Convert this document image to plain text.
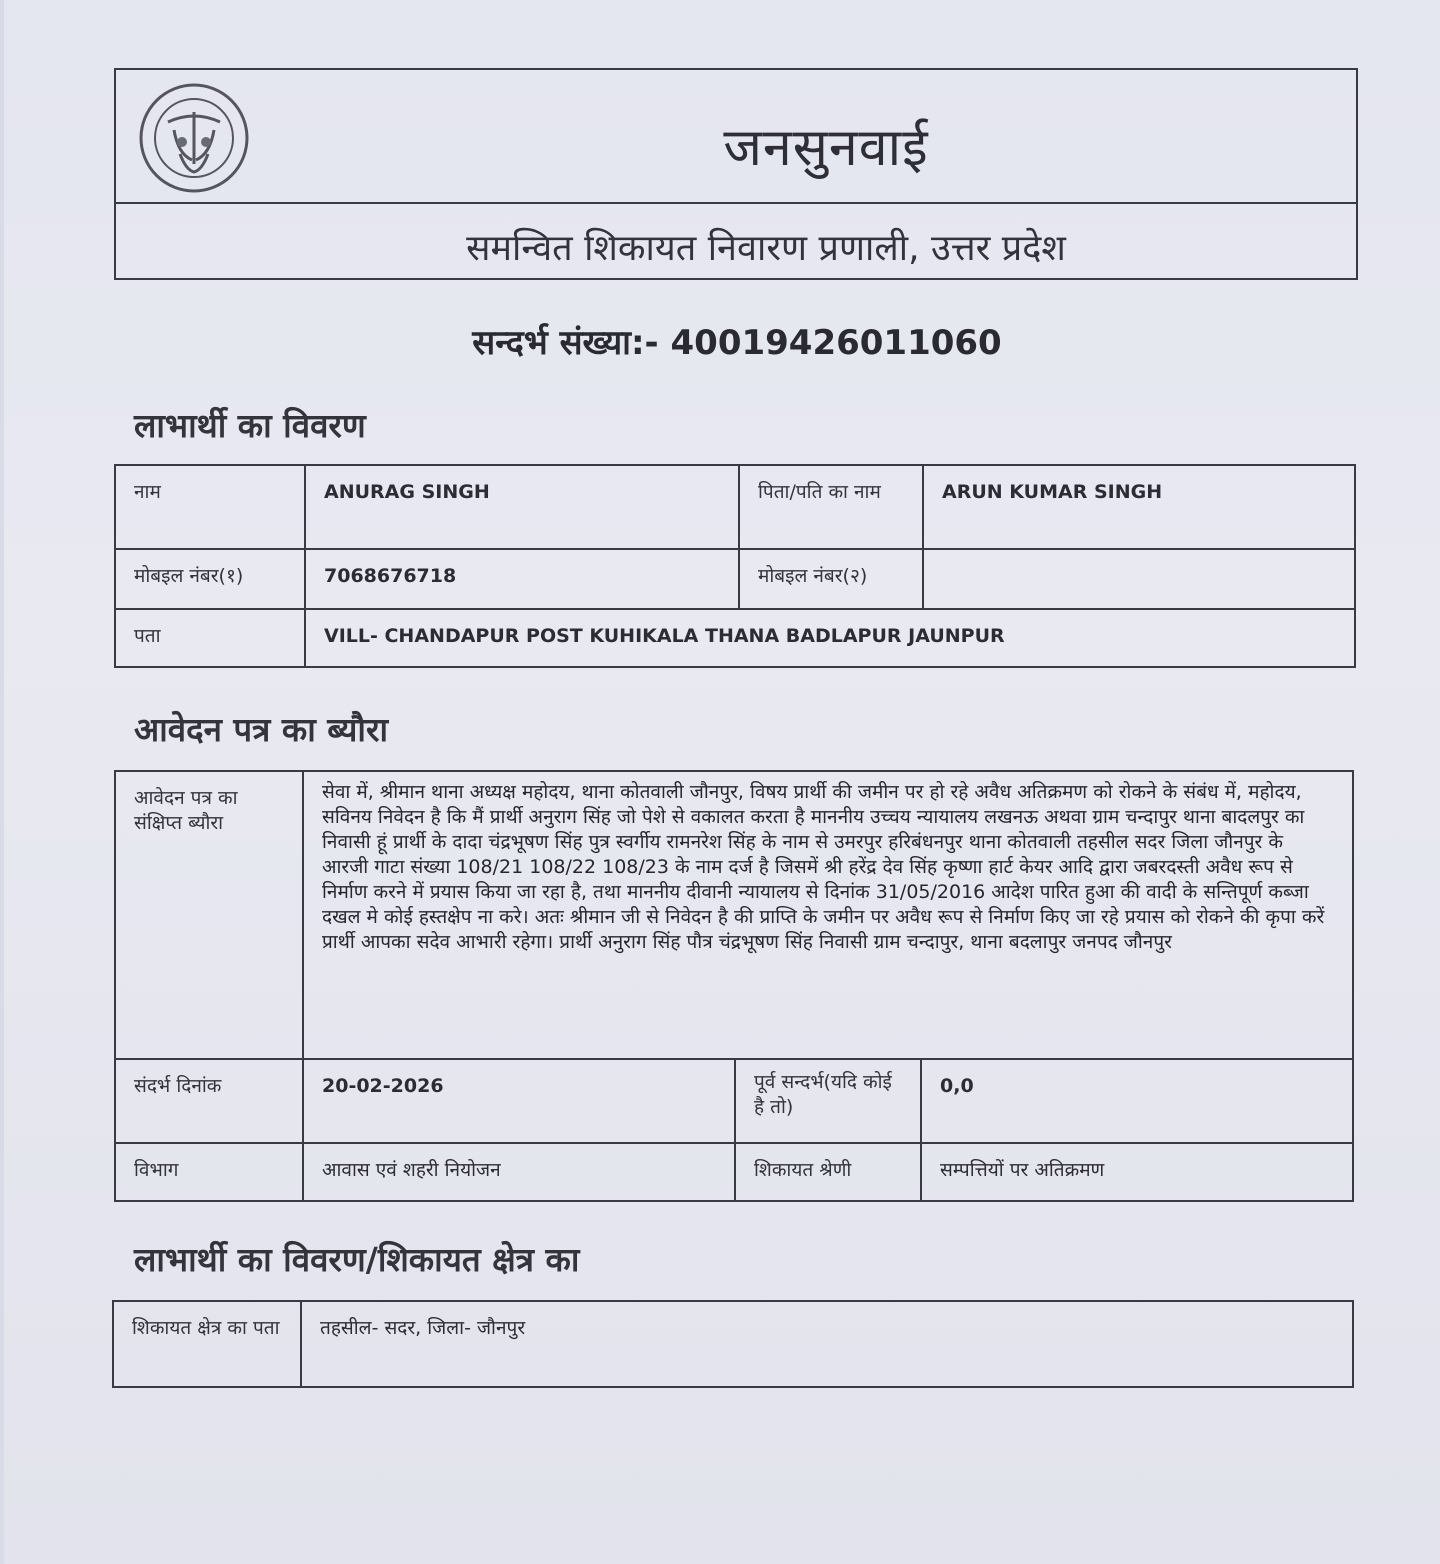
जनसुनवाई
समन्वित शिकायत निवारण प्रणाली, उत्तर प्रदेश
सन्दर्भ संख्या:- 40019426011060
लाभार्थी का विवरण
नाम	ANURAG SINGH	पिता/पति का नाम	ARUN KUMAR SINGH
मोबइल नंबर(१)	7068676718	मोबइल नंबर(२)	
पता	VILL- CHANDAPUR POST KUHIKALA THANA BADLAPUR JAUNPUR		
आवेदन पत्र का ब्यौरा
आवेदन पत्र का संक्षिप्त ब्यौरा	सेवा में, श्रीमान थाना अध्यक्ष महोदय, थाना कोतवाली जौनपुर, विषय प्रार्थी की जमीन पर हो रहे अवैध अतिक्रमण को रोकने के संबंध में, महोदय, सविनय निवेदन है कि मैं प्रार्थी अनुराग सिंह जो पेशे से वकालत करता है माननीय उच्चय न्यायालय लखनऊ अथवा ग्राम चन्दापुर थाना बादलपुर का निवासी हूं प्रार्थी के दादा चंद्रभूषण सिंह पुत्र स्वर्गीय रामनरेश सिंह के नाम से उमरपुर हरिबंधनपुर थाना कोतवाली तहसील सदर जिला जौनपुर के आरजी गाटा संख्या 108/21 108/22 108/23 के नाम दर्ज है जिसमें श्री हरेंद्र देव सिंह कृष्णा हार्ट केयर आदि द्वारा जबरदस्ती अवैध रूप से निर्माण करने में प्रयास किया जा रहा है, तथा माननीय दीवानी न्यायालय से दिनांक 31/05/2016 आदेश पारित हुआ की वादी के सन्तिपूर्ण कब्जा दखल मे कोई हस्तक्षेप ना करे। अतः श्रीमान जी से निवेदन है की प्राप्ति के जमीन पर अवैध रूप से निर्माण किए जा रहे प्रयास को रोकने की कृपा करें प्रार्थी आपका सदेव आभारी रहेगा। प्रार्थी अनुराग सिंह पौत्र चंद्रभूषण सिंह निवासी ग्राम चन्दापुर, थाना बदलापुर जनपद जौनपुर		
संदर्भ दिनांक	20-02-2026	पूर्व सन्दर्भ(यदि कोई है तो)	0,0
विभाग	आवास एवं शहरी नियोजन	शिकायत श्रेणी	सम्पत्तियों पर अतिक्रमण
लाभार्थी का विवरण/शिकायत क्षेत्र का
शिकायत क्षेत्र का पता	तहसील- सदर, जिला- जौनपुर
